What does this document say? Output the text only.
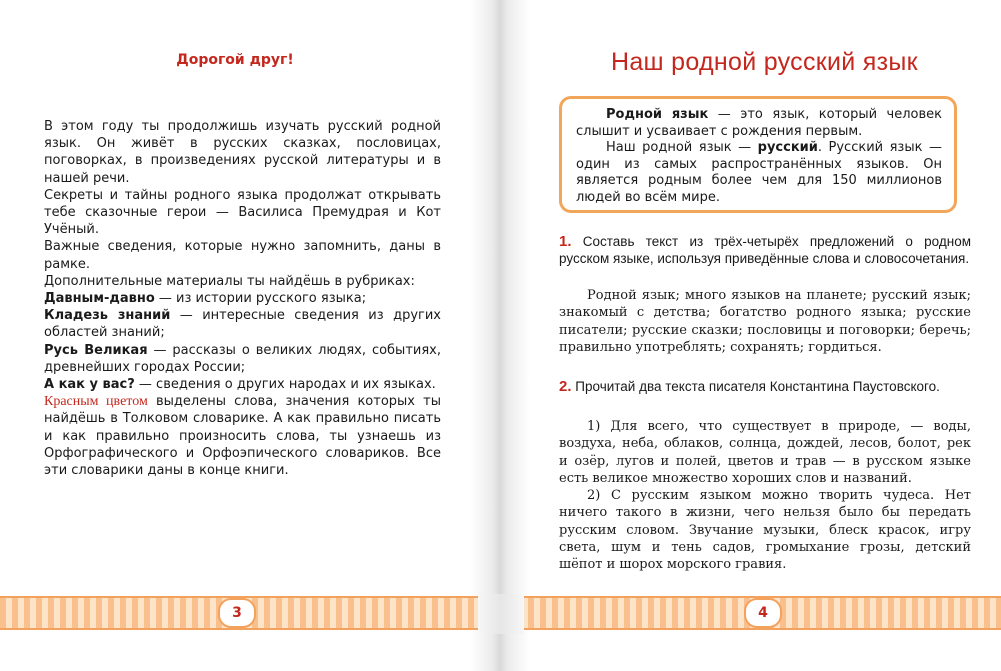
Дорогой друг!

В этом году ты продолжишь изучать русский родной язык. Он живёт в русских сказках, пословицах, поговорках, в произведениях русской литературы и в нашей речи.

Секреты и тайны родного языка продолжат открывать тебе сказочные герои — Василиса Премудрая и Кот Учёный.

Важные сведения, которые нужно запомнить, даны в рамке.

Дополнительные материалы ты найдёшь в рубриках:

Давным-давно — из истории русского языка;

Кладезь знаний — интересные сведения из других областей знаний;

Русь Великая — рассказы о великих людях, событиях, древнейших городах России;

А как у вас? — сведения о других народах и их языках.

Красным цветом выделены слова, значения которых ты найдёшь в Толковом словарике. А как правильно писать и как правильно произносить слова, ты узнаешь из Орфографического и Орфоэпического словариков. Все эти словарики даны в конце книги.

Наш родной русский язык

Родной язык — это язык, который человек слышит и усваивает с рождения первым.

Наш родной язык — русский. Русский язык — один из самых распространённых языков. Он является родным более чем для 150 миллионов людей во всём мире.

1. Составь текст из трёх-четырёх предложений о родном русском языке, используя приведённые слова и словосочетания.

Родной язык; много языков на планете; русский язык; знакомый с детства; богатство родного языка; русские писатели; русские сказки; пословицы и поговорки; беречь; правильно употреблять; сохранять; гордиться.

2. Прочитай два текста писателя Константина Паустовского.

1) Для всего, что существует в природе, — воды, воздуха, неба, облаков, солнца, дождей, лесов, болот, рек и озёр, лугов и полей, цветов и трав — в русском языке есть великое множество хороших слов и названий.

2) С русским языком можно творить чудеса. Нет ничего такого в жизни, чего нельзя было бы передать русским словом. Звучание музыки, блеск красок, игру света, шум и тень садов, громыхание грозы, детский шёпот и шорох морского гравия.

3	4
